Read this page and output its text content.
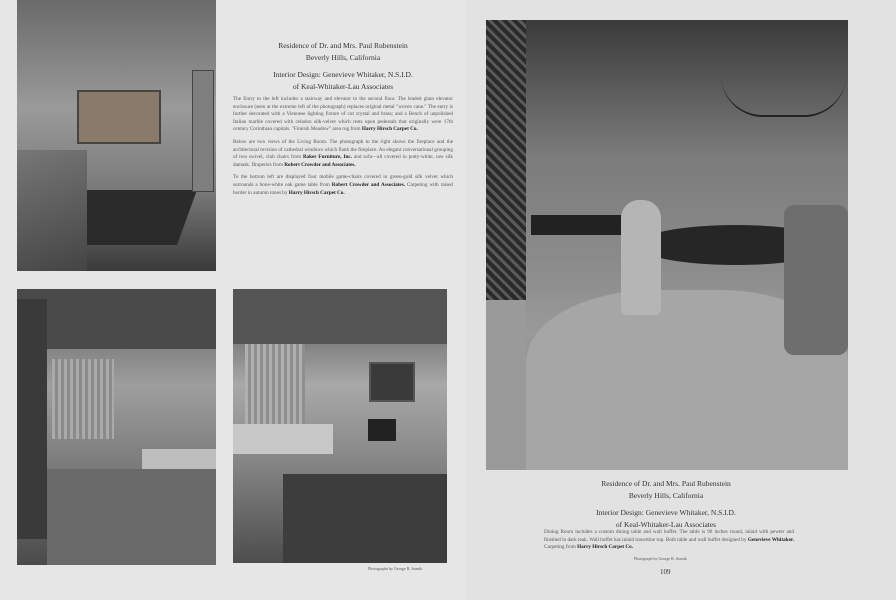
Residence of Dr. and Mrs. Paul Rubenstein
Beverly Hills, California
Interior Design: Genevieve Whitaker, N.S.I.D.
of Keal-Whitaker-Lau Associates

The Entry to the left includes a stairway and elevator to the second floor. The leaded glass elevator enclosure (seen at the extreme left of the photograph) replaces original metal "woven cane." The entry is further decorated with a Viennese lighting fixture of cut crystal and brass; and a Bench of unpolished Italian marble covered with celadon silk-velvet which rests upon pedestals that originally were 17th century Corinthian capitals. "Finnish Meadow" area rug from Harry Hirsch Carpet Co.

Below are two views of the Living Room. The photograph to the right shows the fireplace and the architectural revision of cathedral windows which flank the fireplace. An elegant conversational grouping of two swivel, club chairs from Baker Furniture, Inc. and sofa—all covered in putty-white, raw silk damask. Draperies from Robert Crowder and Associates.

To the bottom left are displayed four mobile game-chairs covered in green-gold silk velvet which surrounds a bone-white oak game table from Robert Crowder and Associates. Carpeting with raised border in autumn tones by Harry Hirsch Carpet Co.

Photographs by George R. Szanik
Residence of Dr. and Mrs. Paul Rubenstein
Beverly Hills, California
Interior Design: Genevieve Whitaker, N.S.I.D.
of Keal-Whitaker-Lau Associates

Dining Room includes a custom dining table and wall buffet. The table is 90 inches round, inlaid with pewter and finished in dark teak. Wall buffet has inlaid travertine top. Both table and wall buffet designed by Genevieve Whitaker. Carpeting from Harry Hirsch Carpet Co.

Photograph by George R. Szanik
109
